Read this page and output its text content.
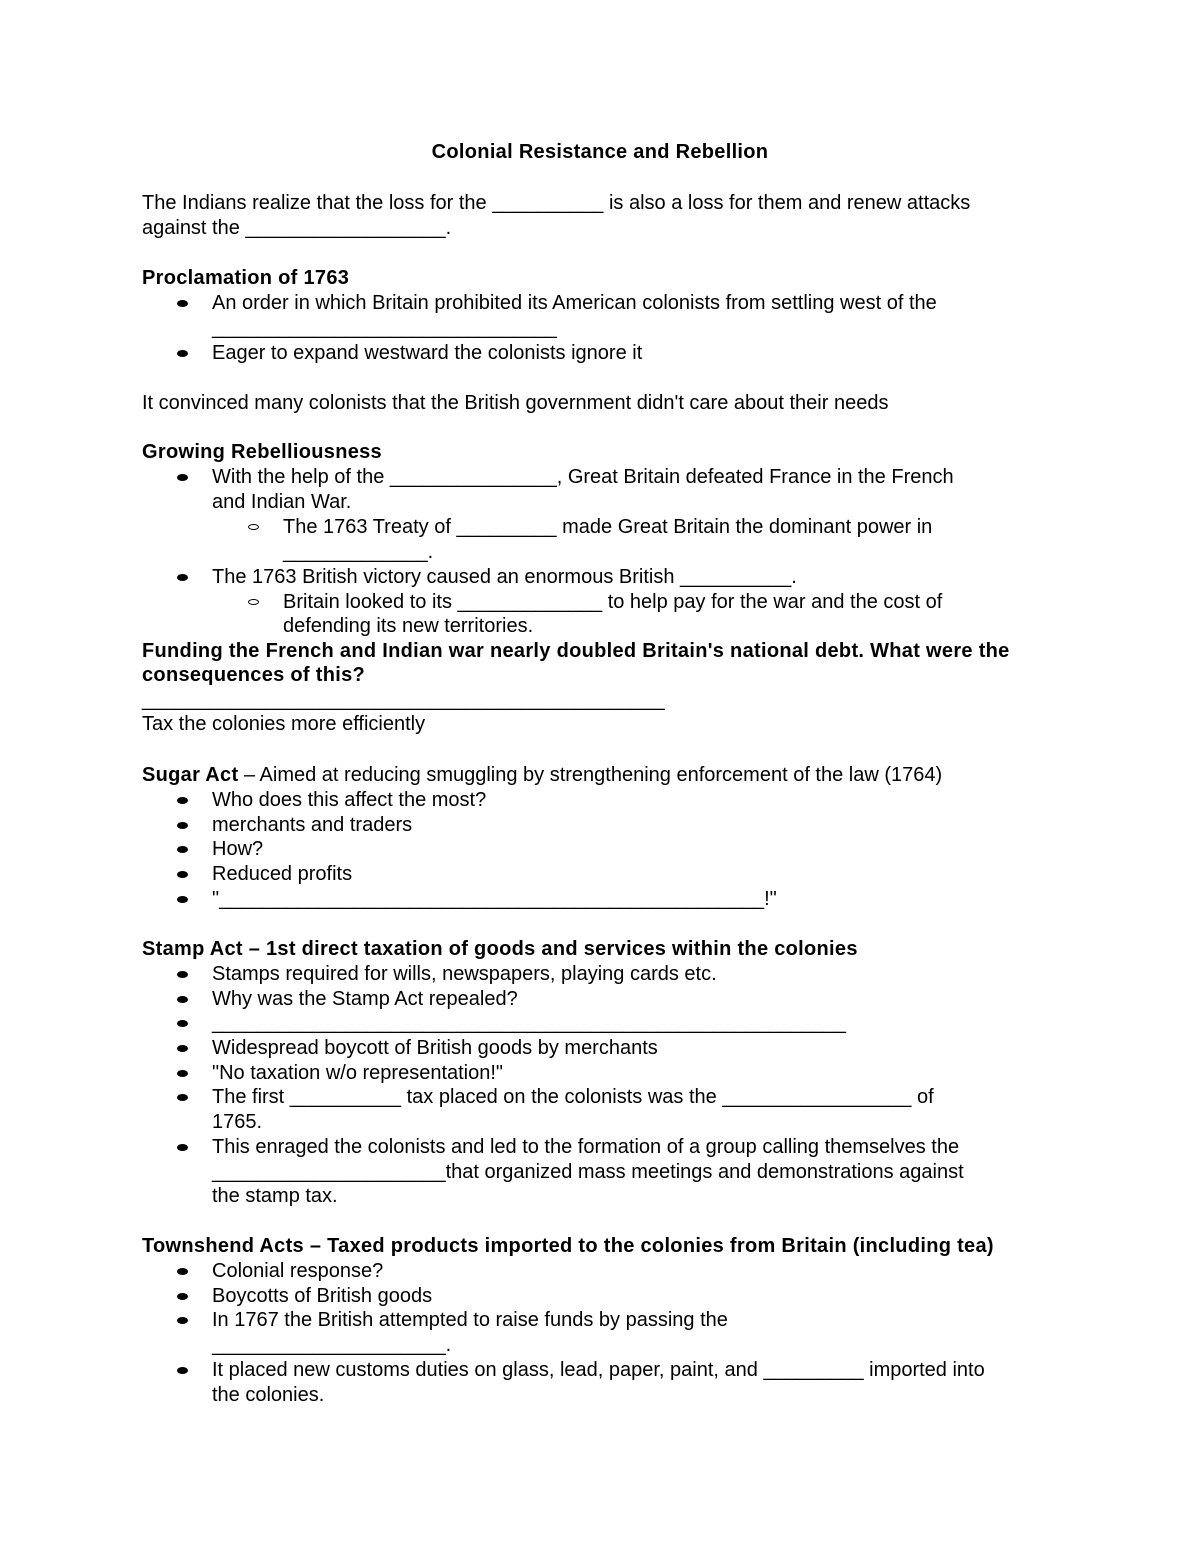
Colonial Resistance and Rebellion
The Indians realize that the loss for the __________ is also a loss for them and renew attacks
against the __________________.
Proclamation of 1763
An order in which Britain prohibited its American colonists from settling west of the
_______________________________
Eager to expand westward the colonists ignore it
It convinced many colonists that the British government didn't care about their needs
Growing Rebelliousness
With the help of the _______________, Great Britain defeated France in the French
and Indian War.
The 1763 Treaty of _________ made Great Britain the dominant power in
_____________.
The 1763 British victory caused an enormous British __________.
Britain looked to its _____________ to help pay for the war and the cost of
defending its new territories.
Funding the French and Indian war nearly doubled Britain's national debt. What were the
consequences of this?
_______________________________________________
Tax the colonies more efficiently
Sugar Act – Aimed at reducing smuggling by strengthening enforcement of the law (1764)
Who does this affect the most?
merchants and traders
How?
Reduced profits
"_________________________________________________!"
Stamp Act – 1st direct taxation of goods and services within the colonies
Stamps required for wills, newspapers, playing cards etc.
Why was the Stamp Act repealed?
_________________________________________________________
Widespread boycott of British goods by merchants
"No taxation w/o representation!"
The first __________ tax placed on the colonists was the _________________ of
1765.
This enraged the colonists and led to the formation of a group calling themselves the
_____________________that organized mass meetings and demonstrations against
the stamp tax.
Townshend Acts – Taxed products imported to the colonies from Britain (including tea)
Colonial response?
Boycotts of British goods
In 1767 the British attempted to raise funds by passing the
_____________________.
It placed new customs duties on glass, lead, paper, paint, and _________ imported into
the colonies.
